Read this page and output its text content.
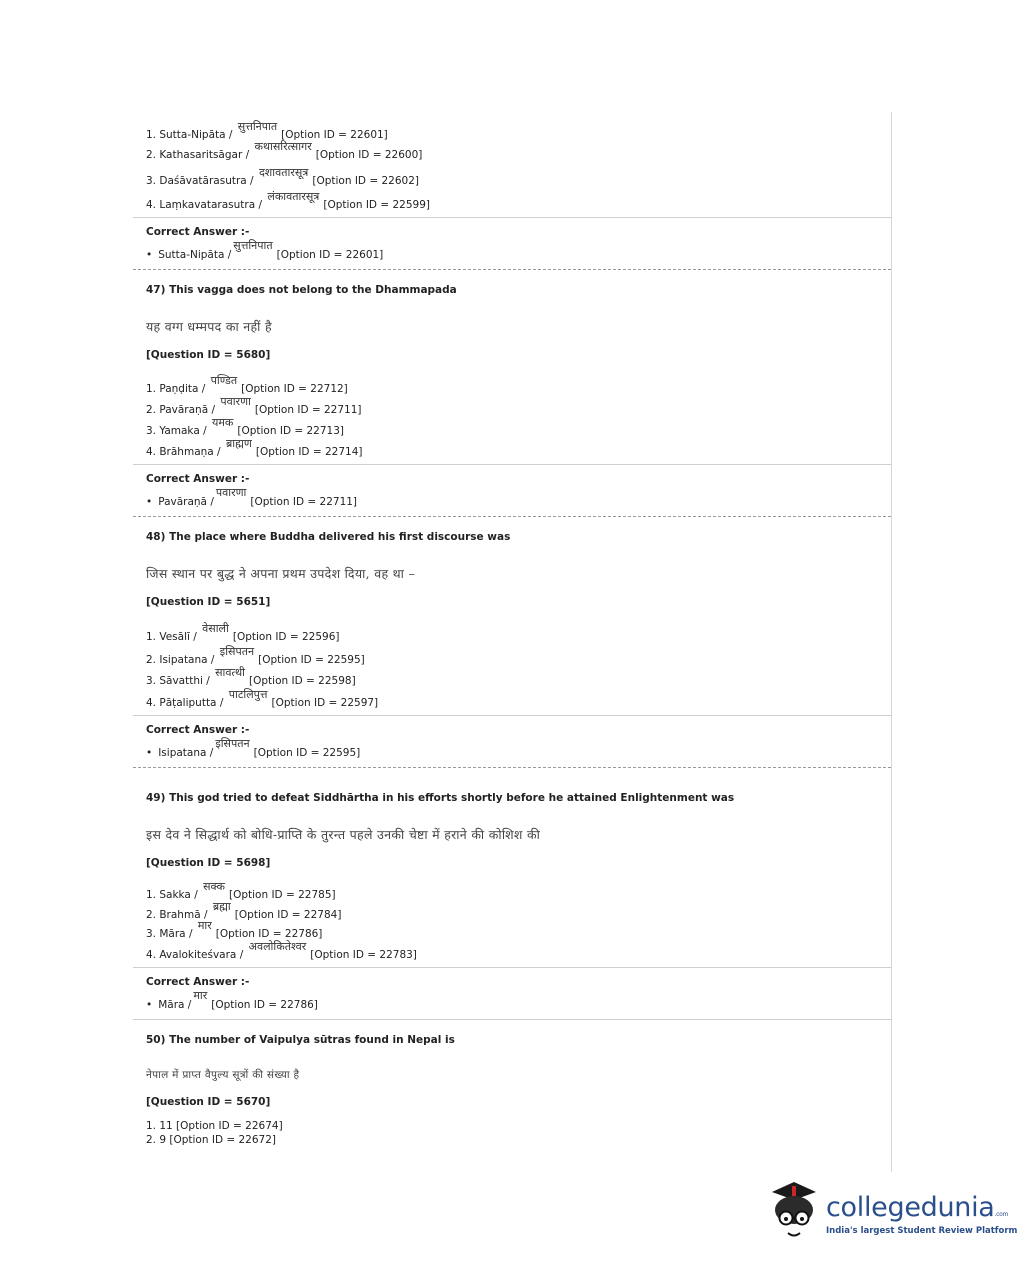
1. Sutta-Nipāta /
सुत्तनिपात
[Option ID = 22601]
2. Kathasaritsāgar /
कथासरित्सागर
[Option ID = 22600]
3. Daśāvatārasutra /
दशावतारसूत्र
[Option ID = 22602]
4. Laṃkavatarasutra /
लंकावतारसूत्र
[Option ID = 22599]
Correct Answer :-
• Sutta-Nipāta /
सुत्तनिपात
[Option ID = 22601]
47) This vagga does not belong to the Dhammapada
यह वग्ग धम्मपद का नहीं है
[Question ID = 5680]
1. Paṇḍita /
पण्डित
[Option ID = 22712]
2. Pavāraṇā /
पवारणा
[Option ID = 22711]
3. Yamaka /
यमक
[Option ID = 22713]
4. Brāhmaṇa /
ब्राह्मण
[Option ID = 22714]
Correct Answer :-
• Pavāraṇā /
पवारणा
[Option ID = 22711]
48) The place where Buddha delivered his first discourse was
जिस स्थान पर बुद्ध ने अपना प्रथम उपदेश दिया, वह था –
[Question ID = 5651]
1. Vesālī /
वेसाली
[Option ID = 22596]
2. Isipatana /
इसिपतन
[Option ID = 22595]
3. Sāvatthi /
सावत्थी
[Option ID = 22598]
4. Pāṭaliputta /
पाटलिपुत्त
[Option ID = 22597]
Correct Answer :-
• Isipatana /
इसिपतन
[Option ID = 22595]
49) This god tried to defeat Siddhārtha in his efforts shortly before he attained Enlightenment was
इस देव ने सिद्धार्थ को बोधि-प्राप्ति के तुरन्त पहले उनकी चेष्टा में हराने की कोशिश की
[Question ID = 5698]
1. Sakka /
सक्क
[Option ID = 22785]
2. Brahmā /
ब्रह्मा
[Option ID = 22784]
3. Māra /
मार
[Option ID = 22786]
4. Avalokiteśvara /
अवलोकितेश्वर
[Option ID = 22783]
Correct Answer :-
• Māra /
मार
[Option ID = 22786]
50) The number of Vaipulya sūtras found in Nepal is
नेपाल में प्राप्त वैपुल्य सूत्रों की संख्या है
[Question ID = 5670]
1. 11 [Option ID = 22674]
2. 9 [Option ID = 22672]
collegedunia.com
India's largest Student Review Platform
